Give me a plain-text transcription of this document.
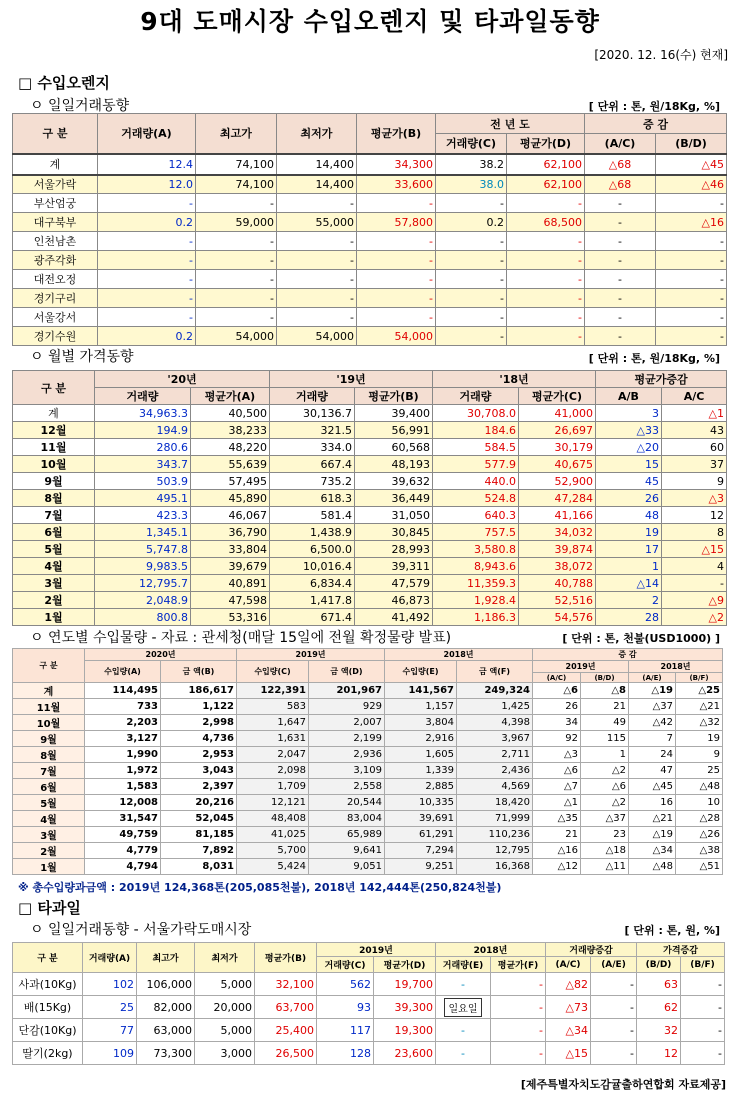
9대 도매시장 수입오렌지 및 타과일동향
[2020. 12. 16(수) 현재]
□ 수입오렌지
ㅇ 일일거래동향	[ 단위 : 톤, 원/18Kg, %]
구 분	거래량(A)	최고가	최저가	평균가(B)	전 년 도		증 감	
					거래량(C)	평균가(D)	(A/C)	(B/D)
계	12.4	74,100	14,400	34,300	38.2	62,100	△68	△45
서울가락	12.0	74,100	14,400	33,600	38.0	62,100	△68	△46
부산엄궁	-	-	-	-	-	-	-	-
대구북부	0.2	59,000	55,000	57,800	0.2	68,500	-	△16
인천남촌	-	-	-	-	-	-	-	-
광주각화	-	-	-	-	-	-	-	-
대전오정	-	-	-	-	-	-	-	-
경기구리	-	-	-	-	-	-	-	-
서울강서	-	-	-	-	-	-	-	-
경기수원	0.2	54,000	54,000	54,000	-	-	-	-
ㅇ 월별 가격동향	[ 단위 : 톤, 원/18Kg, %]
구 분	'20년		'19년		'18년		평균가증감	
	거래량	평균가(A)	거래량	평균가(B)	거래량	평균가(C)	A/B	A/C
계	34,963.3	40,500	30,136.7	39,400	30,708.0	41,000	3	△1
12월	194.9	38,233	321.5	56,991	184.6	26,697	△33	43
11월	280.6	48,220	334.0	60,568	584.5	30,179	△20	60
10월	343.7	55,639	667.4	48,193	577.9	40,675	15	37
9월	503.9	57,495	735.2	39,632	440.0	52,900	45	9
8월	495.1	45,890	618.3	36,449	524.8	47,284	26	△3
7월	423.3	46,067	581.4	31,050	640.3	41,166	48	12
6월	1,345.1	36,790	1,438.9	30,845	757.5	34,032	19	8
5월	5,747.8	33,804	6,500.0	28,993	3,580.8	39,874	17	△15
4월	9,983.5	39,679	10,016.4	39,311	8,943.6	38,072	1	4
3월	12,795.7	40,891	6,834.4	47,579	11,359.3	40,788	△14	-
2월	2,048.9	47,598	1,417.8	46,873	1,928.4	52,516	2	△9
1월	800.8	53,316	671.4	41,492	1,186.3	54,576	28	△2
ㅇ 연도별 수입물량 - 자료 : 관세청(매달 15일에 전월 확정물량 발표)	[ 단위 : 톤, 천불(USD1000) ]
구 분	2020년		2019년		2018년		증 감			
	수입량(A)	금 액(B)	수입량(C)	금 액(D)	수입량(E)	금 액(F)	2019년		2018년	
							(A/C)	(B/D)	(A/E)	(B/F)
계	114,495	186,617	122,391	201,967	141,567	249,324	△6	△8	△19	△25
11월	733	1,122	583	929	1,157	1,425	26	21	△37	△21
10월	2,203	2,998	1,647	2,007	3,804	4,398	34	49	△42	△32
9월	3,127	4,736	1,631	2,199	2,916	3,967	92	115	7	19
8월	1,990	2,953	2,047	2,936	1,605	2,711	△3	1	24	9
7월	1,972	3,043	2,098	3,109	1,339	2,436	△6	△2	47	25
6월	1,583	2,397	1,709	2,558	2,885	4,569	△7	△6	△45	△48
5월	12,008	20,216	12,121	20,544	10,335	18,420	△1	△2	16	10
4월	31,547	52,045	48,408	83,004	39,691	71,999	△35	△37	△21	△28
3월	49,759	81,185	41,025	65,989	61,291	110,236	21	23	△19	△26
2월	4,779	7,892	5,700	9,641	7,294	12,795	△16	△18	△34	△38
1월	4,794	8,031	5,424	9,051	9,251	16,368	△12	△11	△48	△51
※ 총수입량과금액 : 2019년 124,368톤(205,085천불), 2018년 142,444톤(250,824천불)
□ 타과일
ㅇ 일일거래동향 - 서울가락도매시장	[ 단위 : 톤, 원, %]
구 분	거래량(A)	최고가	최저가	평균가(B)	2019년		2018년		거래량증감		가격증감	
					거래량(C)	평균가(D)	거래량(E)	평균가(F)	(A/C)	(A/E)	(B/D)	(B/F)
사과(10Kg)	102	106,000	5,000	32,100	562	19,700	-	-	△82	-	63	-
배(15Kg)	25	82,000	20,000	63,700	93	39,300	일요일	-	△73	-	62	-
단감(10Kg)	77	63,000	5,000	25,400	117	19,300	-	-	△34	-	32	-
딸기(2kg)	109	73,300	3,000	26,500	128	23,600	-	-	△15	-	12	-
[제주특별자치도감귤출하연합회 자료제공]
